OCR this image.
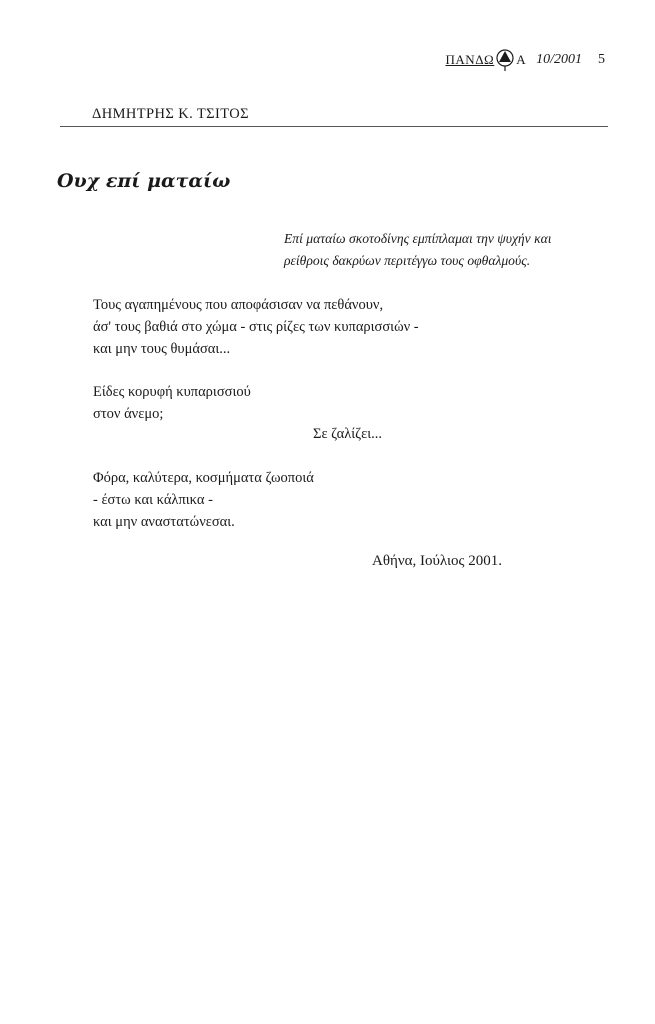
ΠΑΝΔΩ Α 10/2001 5
ΔΗΜΗΤΡΗΣ Κ. ΤΣΙΤΟΣ
Ουχ επί ματαίω
Επί ματαίω σκοτοδίνης εμπίπλαμαι την ψυχήν και
ρείθροις δακρύων περιτέγγω τους οφθαλμούς.
Τους αγαπημένους που αποφάσισαν να πεθάνουν,
άσ' τους βαθιά στο χώμα - στις ρίζες των κυπαρισσιών -
και μην τους θυμάσαι...
Είδες κορυφή κυπαρισσιού
στον άνεμο;
Σε ζαλίζει...
Φόρα, καλύτερα, κοσμήματα ζωοποιά
- έστω και κάλπικα -
και μην αναστατώνεσαι.
Αθήνα, Ιούλιος 2001.
